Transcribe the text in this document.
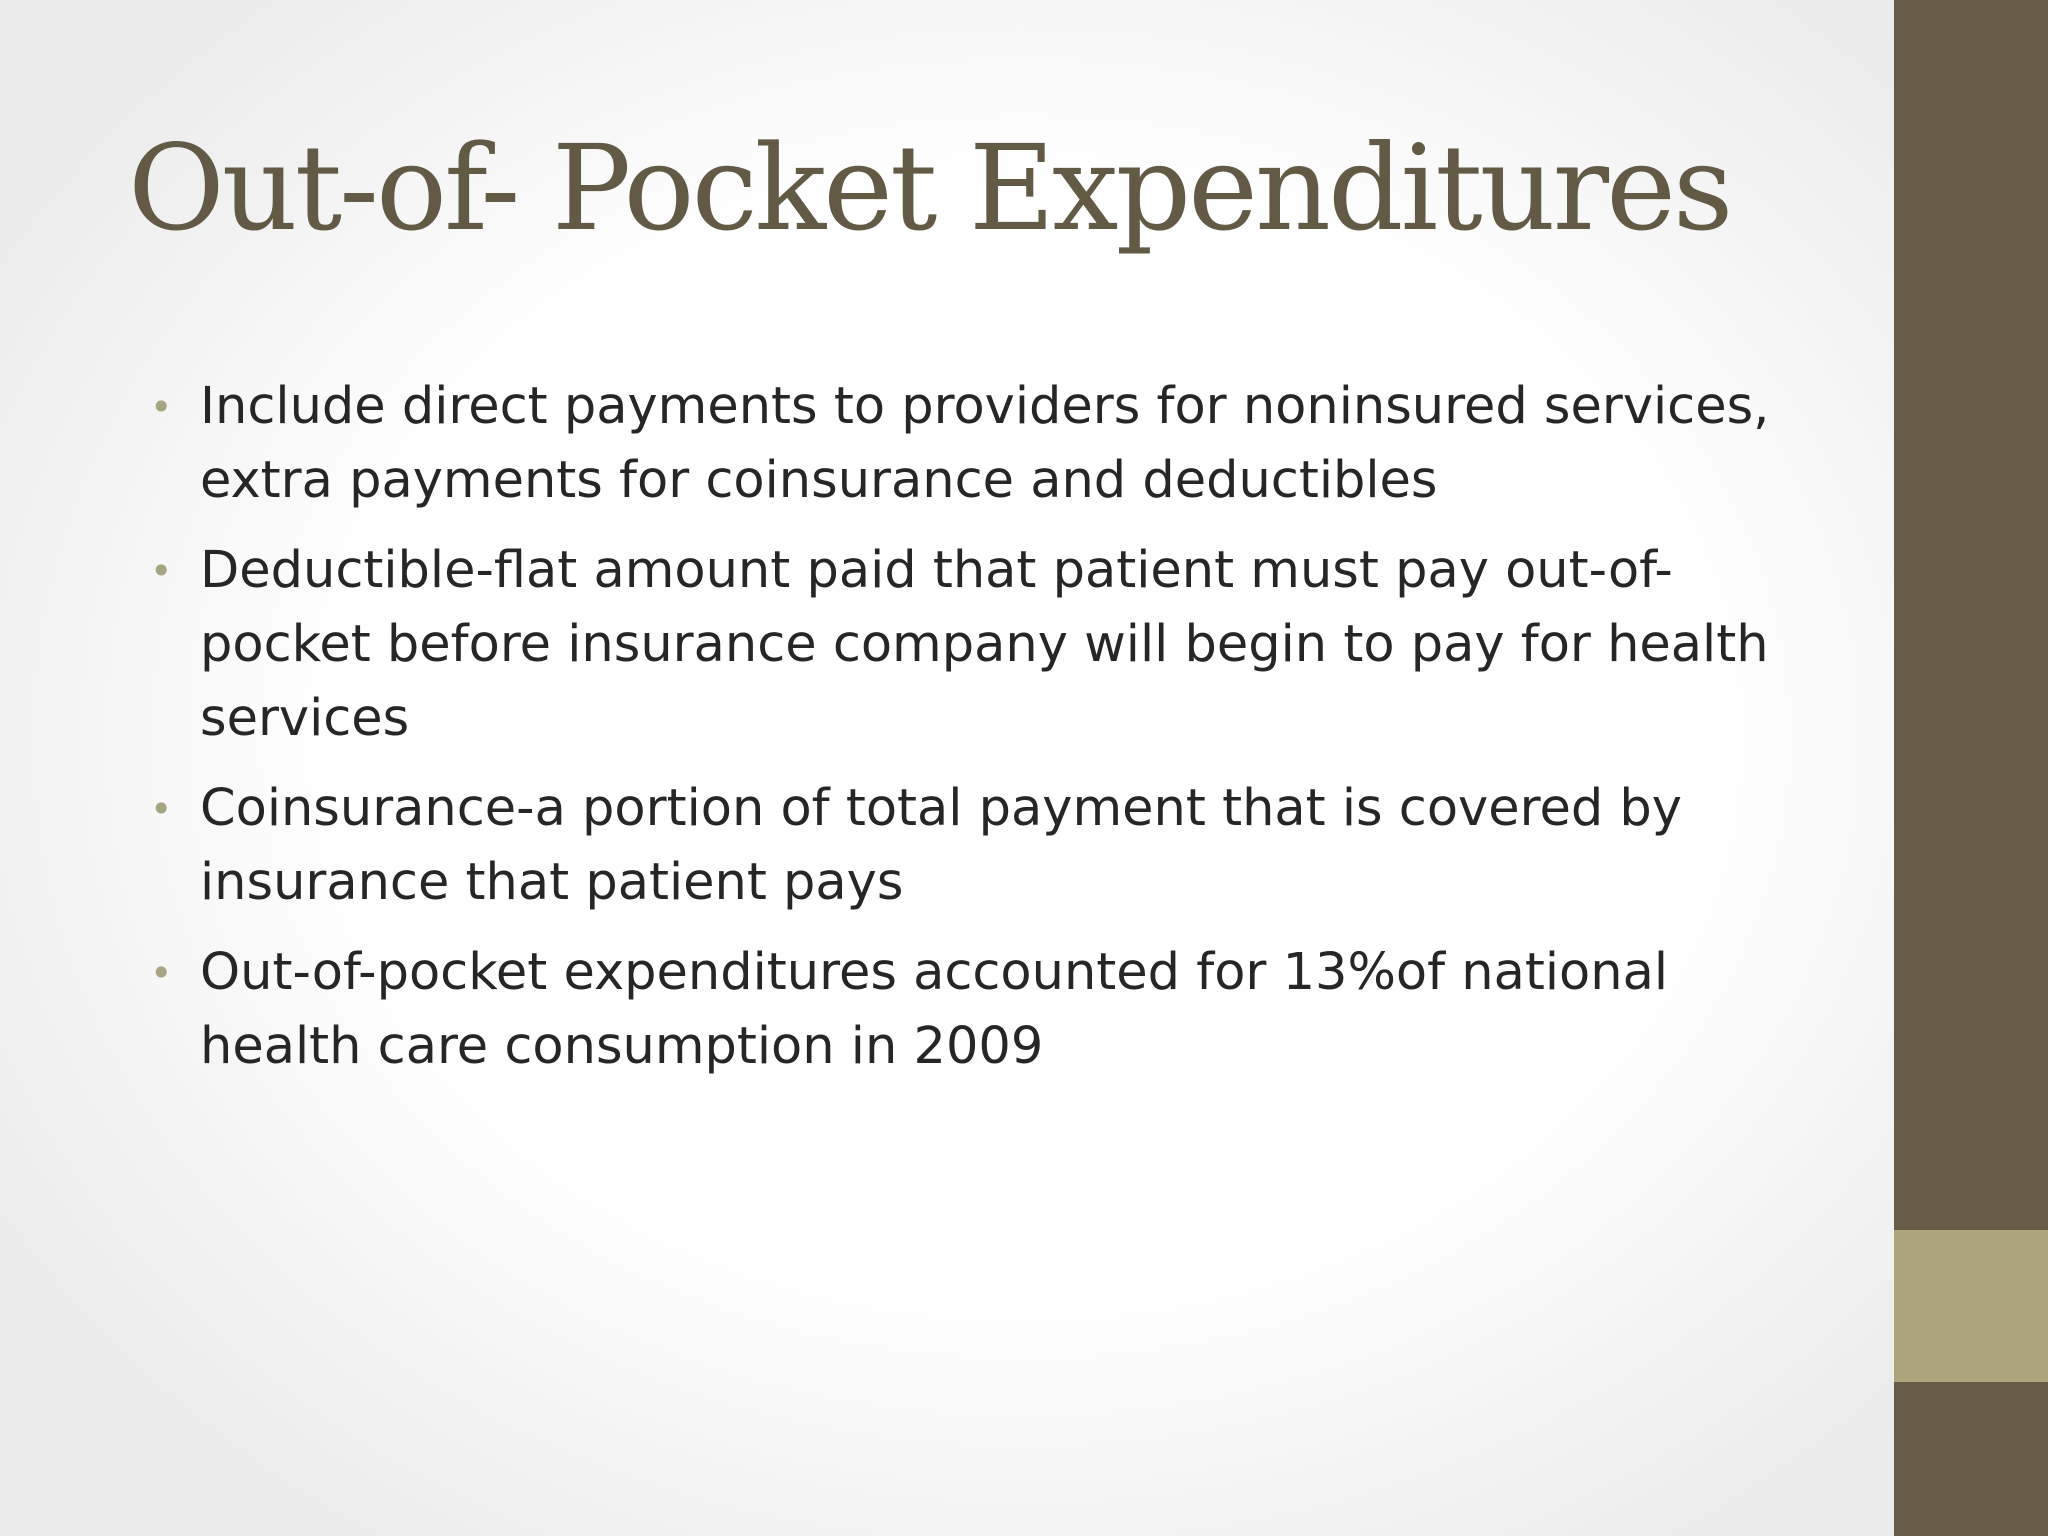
Out-of- Pocket Expenditures
• Include direct payments to providers for noninsured services, extra payments for coinsurance and deductibles
• Deductible-flat amount paid that patient must pay out-of-pocket before insurance company will begin to pay for health services
• Coinsurance-a portion of total payment that is covered by insurance that patient pays
• Out-of-pocket expenditures accounted for 13%of national health care consumption in 2009
